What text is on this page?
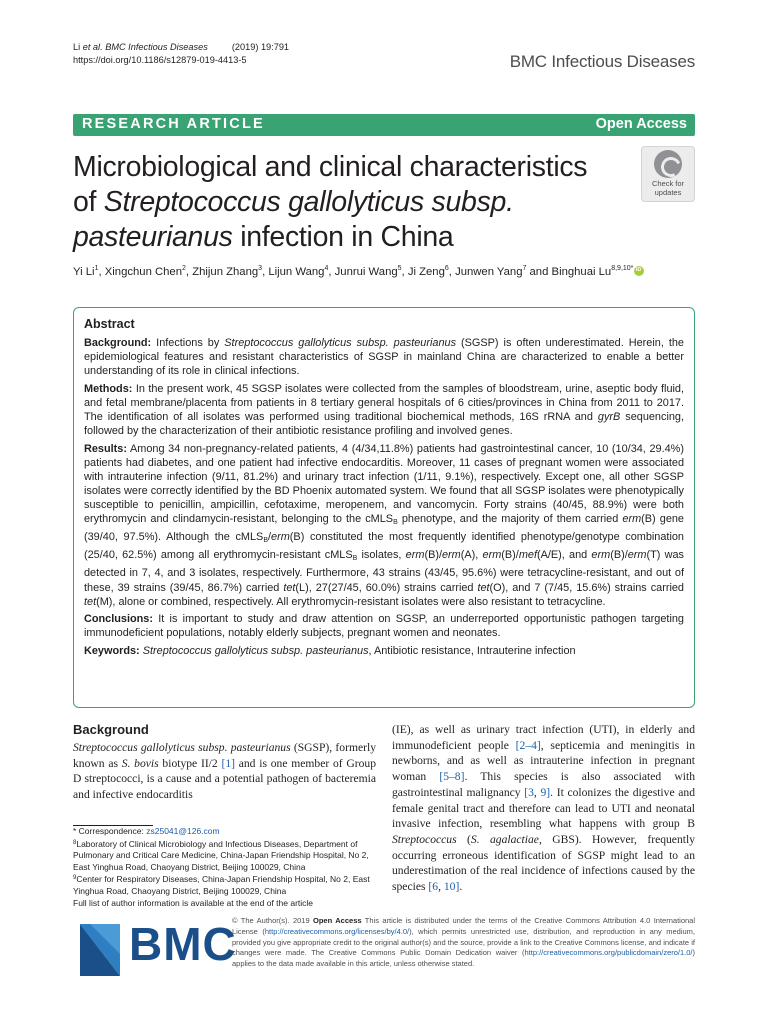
Li et al. BMC Infectious Diseases	(2019) 19:791
https://doi.org/10.1186/s12879-019-4413-5	BMC Infectious Diseases
RESEARCH ARTICLE	Open Access
Microbiological and clinical characteristics
of Streptococcus gallolyticus subsp.
pasteurianus infection in China
Check for updates
Yi Li$^1$, Xingchun Chen$^2$, Zhijun Zhang$^3$, Lijun Wang$^4$, Junrui Wang$^5$, Ji Zeng$^6$, Junwen Yang$^7$ and Binghuai $Lu^{8,9,10*}iD$
Abstract

Background: Infections by Streptococcus gallolyticus subsp. pasteurianus (SGSP) is often underestimated. Herein, the epidemiological features and resistant characteristics of SGSP in mainland China are characterized to enable a better understanding of its role in clinical infections.

Methods: In the present work, 45 SGSP isolates were collected from the samples of bloodstream, urine, aseptic body fluid, and fetal membrane/placenta from patients in 8 tertiary general hospitals of 6 cities/provinces in China from 2011 to 2017. The identification of all isolates was performed using traditional biochemical methods, 16S rRNA and gyrB sequencing, followed by the characterization of their antibiotic resistance profiling and involved genes.

Results: Among 34 non-pregnancy-related patients, 4 (4/34,11.8%) patients had gastrointestinal cancer, 10 (10/34, 29.4%) patients had diabetes, and one patient had infective endocarditis. Moreover, 11 cases of pregnant women were associated with intrauterine infection (9/11, 81.2%) and urinary tract infection (1/11, 9.1%), respectively. Except one, all other SGSP isolates were correctly identified by the BD Phoenix automated system. We found that all SGSP isolates were phenotypically susceptible to penicillin, ampicillin, cefotaxime, meropenem, and vancomycin. Forty strains (40/45, 88.9%) were both erythromycin and clindamycin-resistant, belonging to the cMLS$_B$ phenotype, and the majority of them carried erm(B) gene (39/40, 97.5%). Although the cMLS$_B$/erm(B) constituted the most frequently identified phenotype/genotype combination (25/40, 62.5%) among all erythromycin-resistant cMLS$_B$ isolates, erm(B)/erm(A), erm(B)/mef(A/E), and erm(B)/erm(T) was detected in 7, 4, and 3 isolates, respectively. Furthermore, 43 strains (43/45, 95.6%) were tetracycline-resistant, and out of these, 39 strains (39/45, 86.7%) carried tet(L), 27(27/45, 60.0%) strains carried tet(O), and 7 (7/45, 15.6%) strains carried tet(M), alone or combined, respectively. All erythromycin-resistant isolates were also resistant to tetracycline.

Conclusions: It is important to study and draw attention on SGSP, an underreported opportunistic pathogen targeting immunodeficient populations, notably elderly subjects, pregnant women and neonates.

Keywords: Streptococcus gallolyticus subsp. pasteurianus, Antibiotic resistance, Intrauterine infection

Background

Streptococcus gallolyticus subsp. pasteurianus (SGSP), formerly known as S. bovis biotype II/2 [1] and is one member of Group D streptococci, is a cause and a potential pathogen of bacteremia and infective endocarditis

(IE), as well as urinary tract infection (UTI), in elderly and immunodeficient people [2–4], septicemia and meningitis in newborns, and as well as intrauterine infection in pregnant woman [5–8]. This species is also associated with gastrointestinal malignancy [3, 9]. It colonizes the digestive and female genital tract and therefore can lead to UTI and neonatal invasive infection, resembling what happens with group B Streptococcus (S. agalactiae, GBS). However, frequently occurring erroneous identification of SGSP might lead to an underestimation of the real incidence of infections caused by the species [6, 10].

* Correspondence: zs25041@126.com
$^8$Laboratory of Clinical Microbiology and Infectious Diseases, Department of Pulmonary and Critical Care Medicine, China-Japan Friendship Hospital, No 2, East Yinghua Road, Chaoyang District, Beijing 100029, China
$^9$Center for Respiratory Diseases, China-Japan Friendship Hospital, No 2, East Yinghua Road, Chaoyang District, Beijing 100029, China
Full list of author information is available at the end of the article
BMC
© The Author(s). 2019 Open Access This article is distributed under the terms of the Creative Commons Attribution 4.0 International License (http://creativecommons.org/licenses/by/4.0/), which permits unrestricted use, distribution, and reproduction in any medium, provided you give appropriate credit to the original author(s) and the source, provide a link to the Creative Commons license, and indicate if changes were made. The Creative Commons Public Domain Dedication waiver (http://creativecommons.org/publicdomain/zero/1.0/) applies to the data made available in this article, unless otherwise stated.
